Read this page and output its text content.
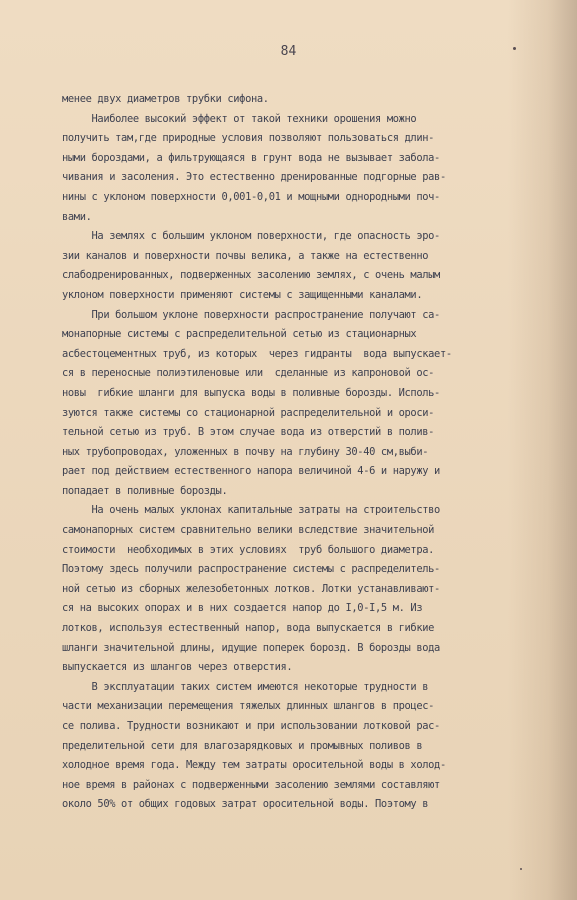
84
менее двух диаметров трубки сифона.
Наиболее высокий эффект от такой техники орошения можно
получить там,где природные условия позволяют пользоваться длин-
ными бороздами, а фильтрующаяся в грунт вода не вызывает забола-
чивания и засоления. Это естественно дренированные подгорные рав-
нины с уклоном поверхности 0,001-0,01 и мощными однородными поч-
вами.
На землях с большим уклоном поверхности, где опасность эро-
зии каналов и поверхности почвы велика, а также на естественно
слабодренированных, подверженных засолению землях, с очень малым
уклоном поверхности применяют системы с защищенными каналами.
При большом уклоне поверхности распространение получают са-
монапорные системы с распределительной сетью из стационарных
асбестоцементных труб, из которых  через гидранты  вода выпускает-
ся в переносные полиэтиленовые или  сделанные из капроновой ос-
новы  гибкие шланги для выпуска воды в поливные борозды. Исполь-
зуются также системы со стационарной распределительной и ороси-
тельной сетью из труб. В этом случае вода из отверстий в полив-
ных трубопроводах, уложенных в почву на глубину 30-40 см,выби-
рает под действием естественного напора величиной 4-6 и наружу и
попадает в поливные борозды.
На очень малых уклонах капитальные затраты на строительство
самонапорных систем сравнительно велики вследствие значительной
стоимости  необходимых в этих условиях  труб большого диаметра.
Поэтому здесь получили распространение системы с распределитель-
ной сетью из сборных железобетонных лотков. Лотки устанавливают-
ся на высоких опорах и в них создается напор до I,0-I,5 м. Из
лотков, используя естественный напор, вода выпускается в гибкие
шланги значительной длины, идущие поперек борозд. В борозды вода
выпускается из шлангов через отверстия.
В эксплуатации таких систем имеются некоторые трудности в
части механизации перемещения тяжелых длинных шлангов в процес-
се полива. Трудности возникают и при использовании лотковой рас-
пределительной сети для влагозарядковых и промывных поливов в
холодное время года. Между тем затраты оросительной воды в холод-
ное время в районах с подверженными засолению землями составляют
около 50% от общих годовых затрат оросительной воды. Поэтому в
